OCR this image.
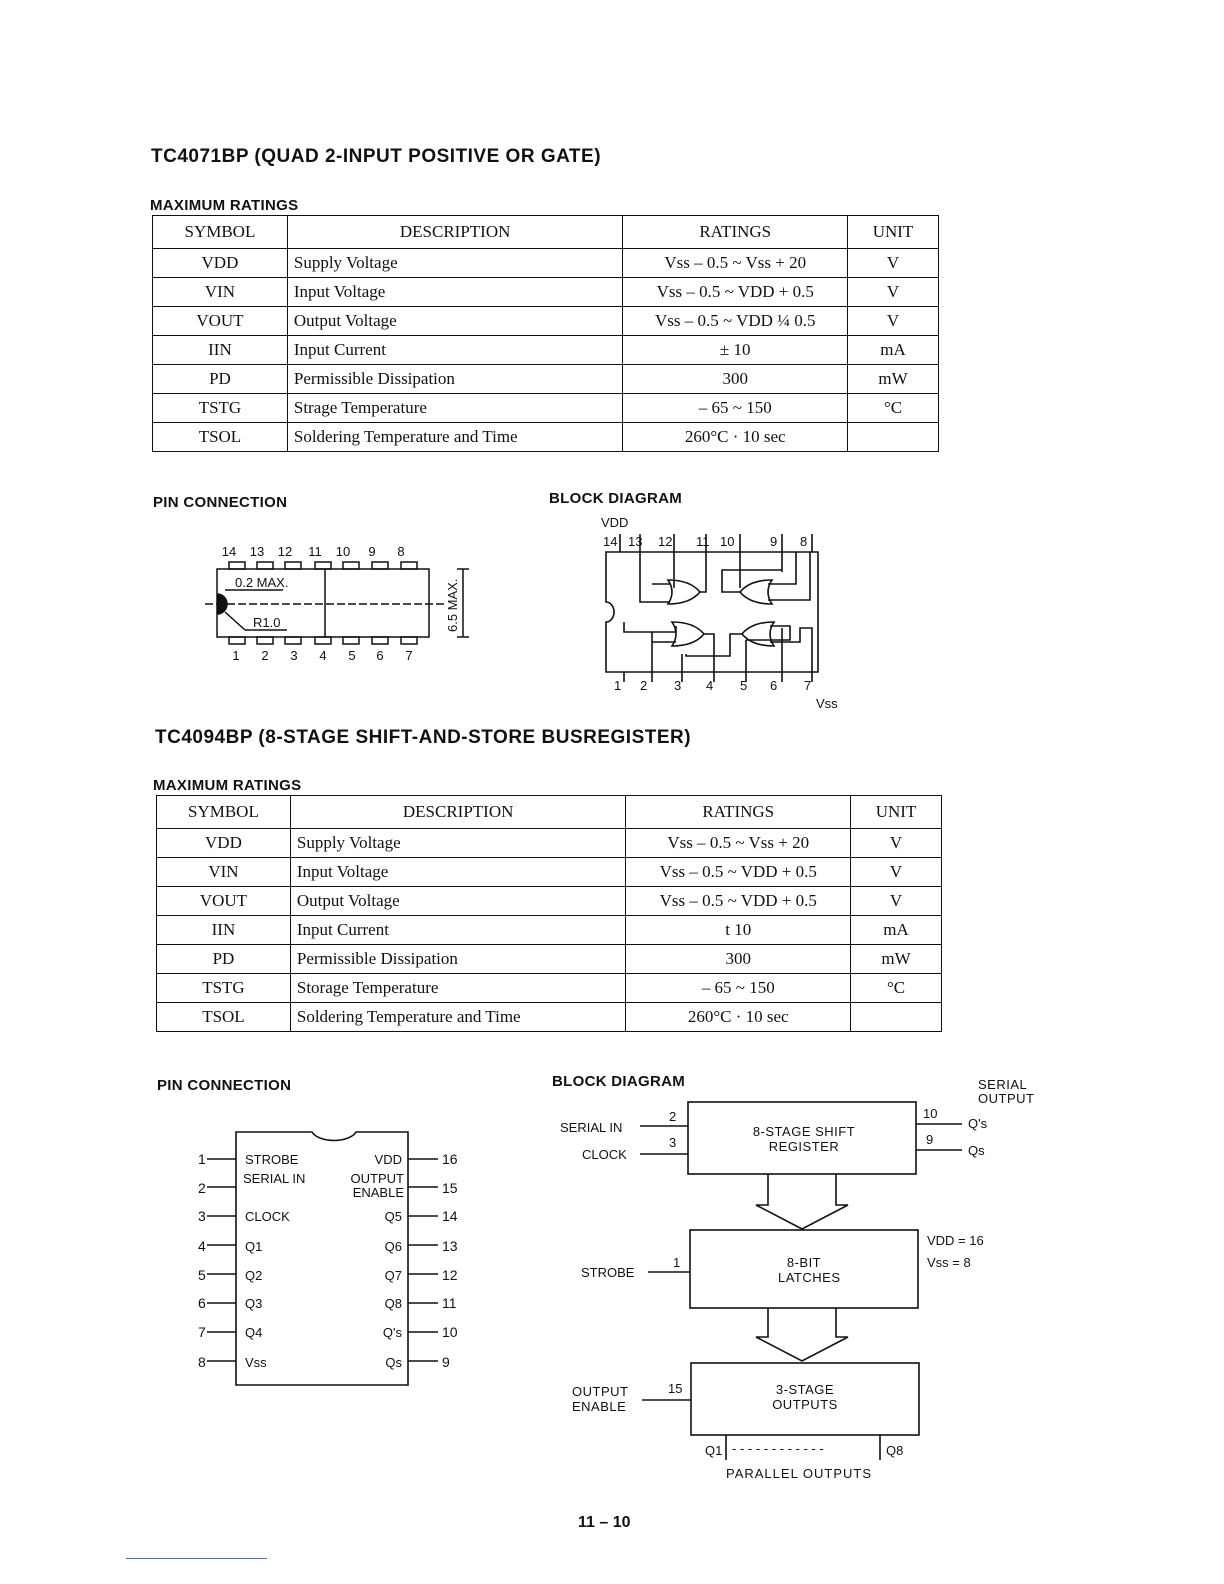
TC4071BP (QUAD 2-INPUT POSITIVE OR GATE)
MAXIMUM RATINGS
SYMBOL	DESCRIPTION	RATINGS	UNIT
VDD	Supply Voltage	Vss – 0.5 ~ Vss + 20	V
VIN	Input Voltage	Vss – 0.5 ~ VDD + 0.5	V
VOUT	Output Voltage	Vss – 0.5 ~ VDD ¼ 0.5	V
IIN	Input Current	± 10	mA
PD	Permissible Dissipation	300	mW
TSTG	Strage Temperature	– 65 ~ 150	°C
TSOL	Soldering Temperature and Time	260°C · 10 sec	
PIN CONNECTION	BLOCK DIAGRAM
14 13 12 11 10 9 8
1 2 3 4 5 6 7
0.2 MAX.
R1.0	6.5 MAX.
VDD
14 13 12 11 10	9 8
1 2 3 4 5 6 7
Vss
TC4094BP (8-STAGE SHIFT-AND-STORE BUSREGISTER)
MAXIMUM RATINGS
SYMBOL	DESCRIPTION	RATINGS	UNIT
VDD	Supply Voltage	Vss – 0.5 ~ Vss + 20	V
VIN	Input Voltage	Vss – 0.5 ~ VDD + 0.5	V
VOUT	Output Voltage	Vss – 0.5 ~ VDD + 0.5	V
IIN	Input Current	t 10	mA
PD	Permissible Dissipation	300	mW
TSTG	Storage Temperature	– 65 ~ 150	°C
TSOL	Soldering Temperature and Time	260°C · 10 sec	
PIN CONNECTION	BLOCK DIAGRAM
1
2
3
4
5
6
7
8
16
15
14
13
12
11
10
9
STROBE
SERIAL IN
CLOCK
Q1
Q2
Q3
Q4
Vss
VDD
OUTPUT ENABLE
Q5
Q6
Q7
Q8
Q's
Qs
SERIAL IN
CLOCK
STROBE
OUTPUT ENABLE
2
3
1
15
10
9
Q's
Qs
SERIAL OUTPUT
VDD = 16
Vss = 8
Q1	Q8
- - - - - - - - - - - -
PARALLEL OUTPUTS
8-STAGE SHIFT REGISTER
8-BIT LATCHES
3-STAGE OUTPUTS
11 – 10
